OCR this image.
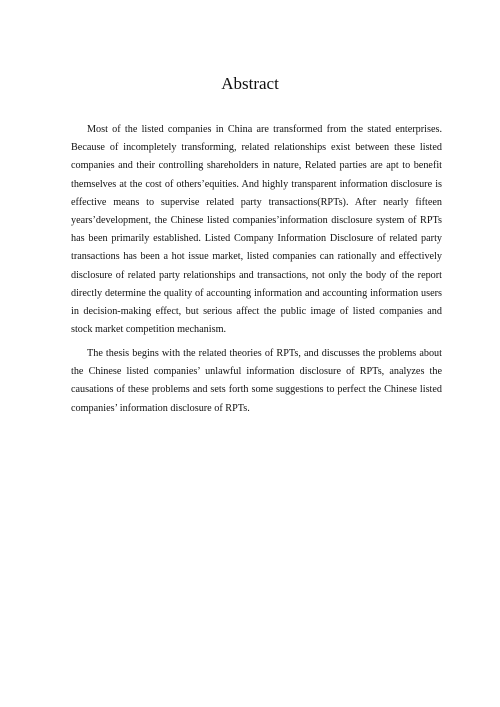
Abstract

Most of the listed companies in China are transformed from the stated enterprises. Because of incompletely transforming, related relationships exist between these listed companies and their controlling shareholders in nature, Related parties are apt to benefit themselves at the cost of others’equities. And highly transparent information disclosure is effective means to supervise related party transactions(RPTs). After nearly fifteen years’development, the Chinese listed companies’information disclosure system of RPTs has been primarily established. Listed Company Information Disclosure of related party transactions has been a hot issue market, listed companies can rationally and effectively disclosure of related party relationships and transactions, not only the body of the report directly determine the quality of accounting information and accounting information users in decision-making effect, but serious affect the public image of listed companies and stock market competition mechanism.

The thesis begins with the related theories of RPTs, and discusses the problems about the Chinese listed companies’ unlawful information disclosure of RPTs, analyzes the causations of these problems and sets forth some suggestions to perfect the Chinese listed companies’ information disclosure of RPTs.
